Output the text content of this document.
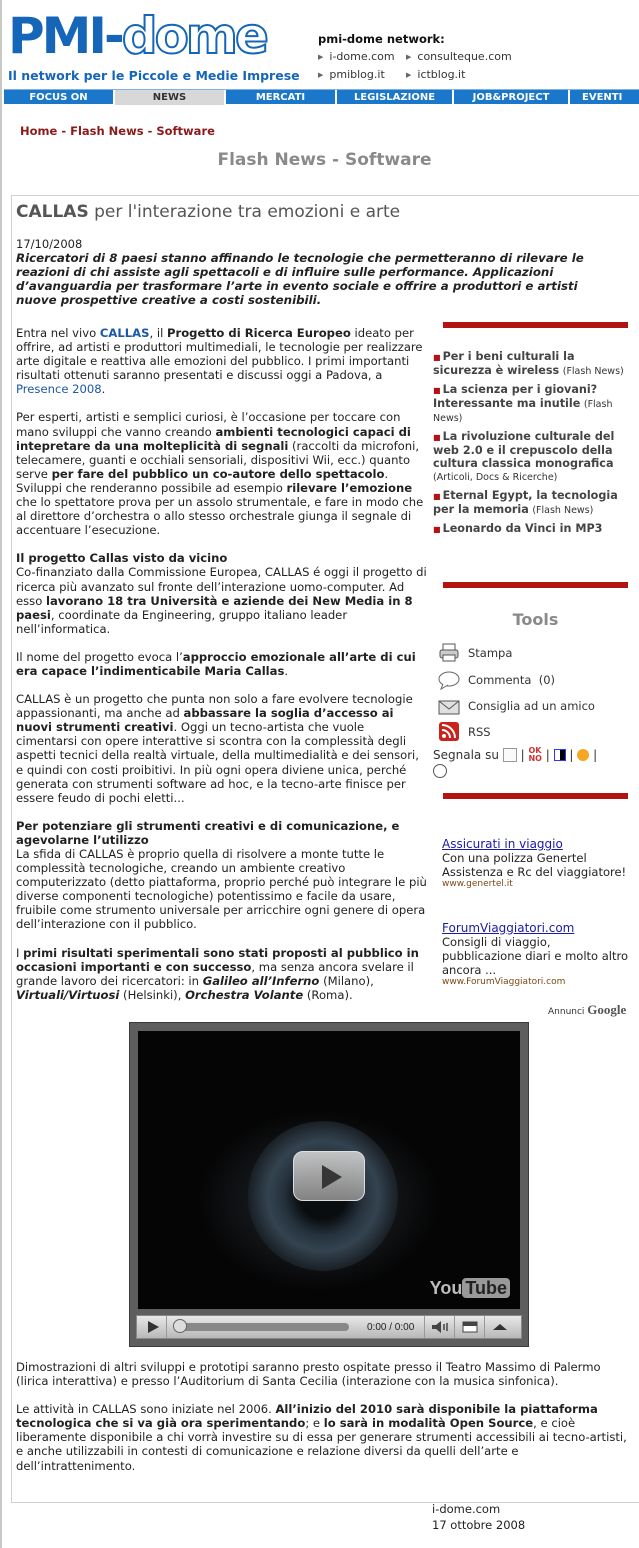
PMI-dome
Il network per le Piccole e Medie Imprese
pmi-dome network:
▶ i-dome.com	▶ consulteque.com
▶ pmiblog.it	▶ ictblog.it
FOCUS ON	NEWS	MERCATI	LEGISLAZIONE	JOB&PROJECT	EVENTI
Home - Flash News - Software
Flash News - Software
CALLAS per l'interazione tra emozioni e arte
17/10/2008
Ricercatori di 8 paesi stanno affinando le tecnologie che permetteranno di rilevare le reazioni di chi assiste agli spettacoli e di influire sulle performance. Applicazioni d’avanguardia per trasformare l’arte in evento sociale e offrire a produttori e artisti nuove prospettive creative a costi sostenibili.

Entra nel vivo CALLAS, il Progetto di Ricerca Europeo ideato per offrire, ad artisti e produttori multimediali, le tecnologie per realizzare arte digitale e reattiva alle emozioni del pubblico. I primi importanti risultati ottenuti saranno presentati e discussi oggi a Padova, a Presence 2008.

Per esperti, artisti e semplici curiosi, è l’occasione per toccare con mano sviluppi che vanno creando ambienti tecnologici capaci di intepretare da una molteplicità di segnali (raccolti da microfoni, telecamere, guanti e occhiali sensoriali, dispositivi Wii, ecc.) quanto serve per fare del pubblico un co-autore dello spettacolo. Sviluppi che renderanno possibile ad esempio rilevare l’emozione che lo spettatore prova per un assolo strumentale, e fare in modo che al direttore d’orchestra o allo stesso orchestrale giunga il segnale di accentuare l’esecuzione.

Il progetto Callas visto da vicino
Co-finanziato dalla Commissione Europea, CALLAS é oggi il progetto di ricerca più avanzato sul fronte dell’interazione uomo-computer. Ad esso lavorano 18 tra Università e aziende dei New Media in 8 paesi, coordinate da Engineering, gruppo italiano leader nell’informatica.

Il nome del progetto evoca l’approccio emozionale all’arte di cui era capace l’indimenticabile Maria Callas.

CALLAS è un progetto che punta non solo a fare evolvere tecnologie appassionanti, ma anche ad abbassare la soglia d’accesso ai nuovi strumenti creativi. Oggi un tecno-artista che vuole cimentarsi con opere interattive si scontra con la complessità degli aspetti tecnici della realtà virtuale, della multimedialità e dei sensori, e quindi con costi proibitivi. In più ogni opera diviene unica, perché generata con strumenti software ad hoc, e la tecno-arte finisce per essere feudo di pochi eletti...

Per potenziare gli strumenti creativi e di comunicazione, e agevolarne l’utilizzo
La sfida di CALLAS è proprio quella di risolvere a monte tutte le complessità tecnologiche, creando un ambiente creativo computerizzato (detto piattaforma, proprio perché può integrare le più diverse componenti tecnologiche) potentissimo e facile da usare, fruibile come strumento universale per arricchire ogni genere di opera dell’interazione con il pubblico.

I primi risultati sperimentali sono stati proposti al pubblico in occasioni importanti e con successo, ma senza ancora svelare il grande lavoro dei ricercatori: in Galileo all’Inferno (Milano), Virtuali/Virtuosi (Helsinki), Orchestra Volante (Roma).

■ Per i beni culturali la sicurezza è wireless (Flash News)
■ La scienza per i giovani? Interessante ma inutile (Flash News)
■ La rivoluzione culturale del web 2.0 e il crepuscolo della cultura classica monografica (Articoli, Docs & Ricerche)
■ Eternal Egypt, la tecnologia per la memoria (Flash News)
■ Leonardo da Vinci in MP3
Tools
Stampa
Commenta
(0)
Consiglia ad un amico
RSS
Segnala su
| OK
NO |
|
|
Assicurati in viaggio
Con una polizza Genertel Assistenza e Rc del viaggiatore!
www.genertel.it
ForumViaggiatori.com
Consigli di viaggio, pubblicazione diari e molto altro ancora ...
www.ForumViaggiatori.com
Annunci Google
You Tube
0:00 / 0:00

Dimostrazioni di altri sviluppi e prototipi saranno presto ospitate presso il Teatro Massimo di Palermo (lirica interattiva) e presso l’Auditorium di Santa Cecilia (interazione con la musica sinfonica).

Le attività in CALLAS sono iniziate nel 2006. All’inizio del 2010 sarà disponibile la piattaforma tecnologica che si va già ora sperimentando; e lo sarà in modalità Open Source, e cioè liberamente disponibile a chi vorrà investire su di essa per generare strumenti accessibili ai tecno-artisti, e anche utilizzabili in contesti di comunicazione e relazione diversi da quelli dell’arte e dell’intrattenimento.

i-dome.com
17 ottobre 2008
